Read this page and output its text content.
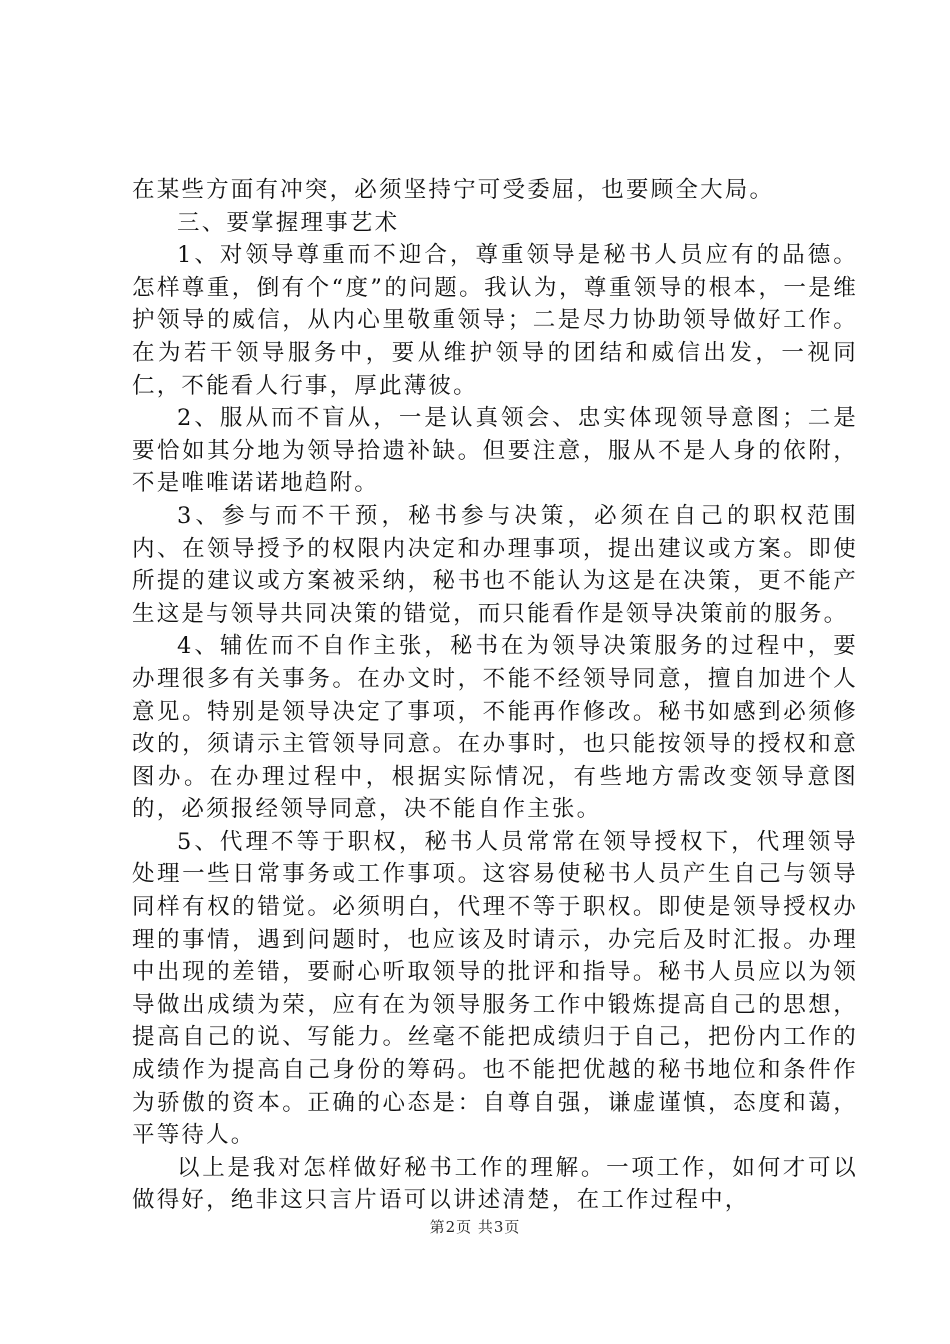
在某些方面有冲突，必须坚持宁可受委屈，也要顾全大局。

三、要掌握理事艺术

1、对领导尊重而不迎合，尊重领导是秘书人员应有的品德。怎样尊重，倒有个“度”的问题。我认为，尊重领导的根本，一是维护领导的威信，从内心里敬重领导；二是尽力协助领导做好工作。在为若干领导服务中，要从维护领导的团结和威信出发，一视同仁，不能看人行事，厚此薄彼。

2、服从而不盲从，一是认真领会、忠实体现领导意图；二是要恰如其分地为领导拾遗补缺。但要注意，服从不是人身的依附，不是唯唯诺诺地趋附。

3、参与而不干预，秘书参与决策，必须在自己的职权范围内、在领导授予的权限内决定和办理事项，提出建议或方案。即使所提的建议或方案被采纳，秘书也不能认为这是在决策，更不能产生这是与领导共同决策的错觉，而只能看作是领导决策前的服务。

4、辅佐而不自作主张，秘书在为领导决策服务的过程中，要办理很多有关事务。在办文时，不能不经领导同意，擅自加进个人意见。特别是领导决定了事项，不能再作修改。秘书如感到必须修改的，须请示主管领导同意。在办事时，也只能按领导的授权和意图办。在办理过程中，根据实际情况，有些地方需改变领导意图的，必须报经领导同意，决不能自作主张。

5、代理不等于职权，秘书人员常常在领导授权下，代理领导处理一些日常事务或工作事项。这容易使秘书人员产生自己与领导同样有权的错觉。必须明白，代理不等于职权。即使是领导授权办理的事情，遇到问题时，也应该及时请示，办完后及时汇报。办理中出现的差错，要耐心听取领导的批评和指导。秘书人员应以为领导做出成绩为荣，应有在为领导服务工作中锻炼提高自己的思想，提高自己的说、写能力。丝毫不能把成绩归于自己，把份内工作的成绩作为提高自己身份的筹码。也不能把优越的秘书地位和条件作为骄傲的资本。正确的心态是：自尊自强，谦虚谨慎，态度和蔼，平等待人。

以上是我对怎样做好秘书工作的理解。一项工作，如何才可以做得好，绝非这只言片语可以讲述清楚，在工作过程中，

第2页 共3页
